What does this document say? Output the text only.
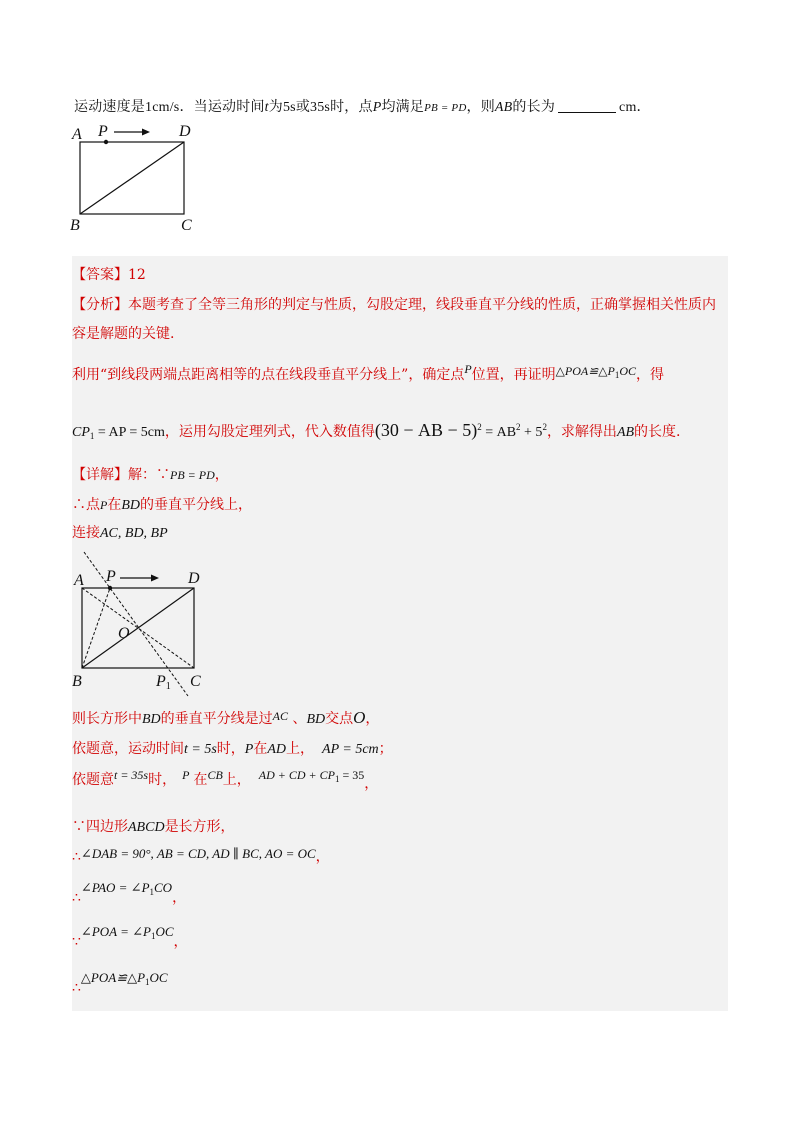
运动速度是1cm/s．当运动时间t为5s或35s时，点P均满足PB = PD，则AB的长为	cm．
A P	D
B	C
【答案】12
【分析】本题考查了全等三角形的判定与性质，勾股定理，线段垂直平分线的性质，正确掌握相关性质内
容是解题的关键.
利用“到线段两端点距离相等的点在线段垂直平分线上”，确定点P位置，再证明$\triangle POA≌\triangle P_1OC$，得
$CP_1$ = AP = 5cm，运用勾股定理列式，代入数值得(30 − AB − $5)^2 = AB^2 + 5^2$，求解得出AB的长度.
【详解】解：∵PB = PD，
∴点P在BD的垂直平分线上，
连接AC, BD, BP
A P	D
O
B	P1 C
则长方形中BD的垂直平分线是过AC 、BD交点O，
依题意，运动时间t = 5s时，P在AD上， AP = 5cm；
依题意t = 35s时， P 在CB上， AD + CD + $CP_1 = 35$，
∵四边形ABCD是长方形，
∴∠DAB = 90°, AB = CD, AD ∥ BC, AO = OC，
∴∠PAO = $\angle P_1CO$，
∵∠POA = $\angle P_1OC$，
$\therefore\triangle POA≌\triangle P_1OC$
